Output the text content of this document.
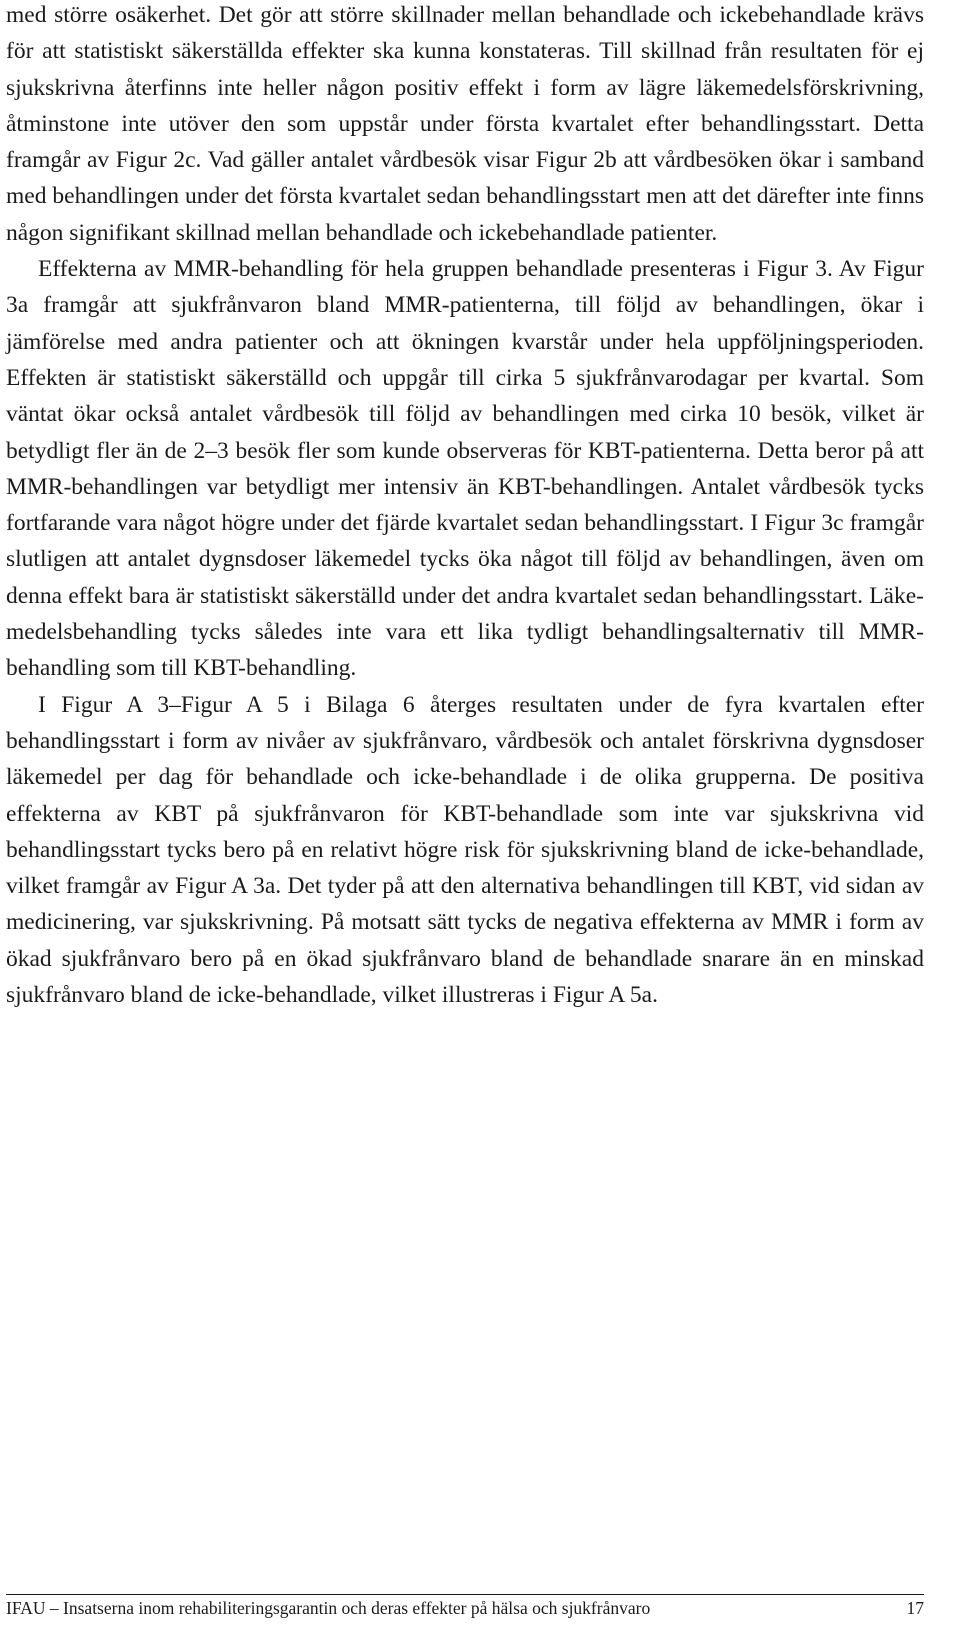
med större osäkerhet. Det gör att större skillnader mellan behandlade och ickebehandlade krävs för att statistiskt säkerställda effekter ska kunna konstateras. Till skillnad från resultaten för ej sjukskrivna återfinns inte heller någon positiv effekt i form av lägre läkemedelsförskrivning, åtminstone inte utöver den som uppstår under första kvartalet efter behandlingsstart. Detta framgår av Figur 2c. Vad gäller antalet vårdbesök visar Figur 2b att vårdbesöken ökar i samband med behandlingen under det första kvartalet sedan behandlingsstart men att det därefter inte finns någon signifikant skillnad mellan behandlade och ickebehandlade patienter.

Effekterna av MMR-behandling för hela gruppen behandlade presenteras i Figur 3. Av Figur 3a framgår att sjukfrånvaron bland MMR-patienterna, till följd av behandlingen, ökar i jämförelse med andra patienter och att ökningen kvarstår under hela uppföljningsperioden. Effekten är statistiskt säkerställd och uppgår till cirka 5 sjukfrånvarodagar per kvartal. Som väntat ökar också antalet vårdbesök till följd av behandlingen med cirka 10 besök, vilket är betydligt fler än de 2–3 besök fler som kunde observeras för KBT-patienterna. Detta beror på att MMR-behandlingen var betydligt mer intensiv än KBT-behandlingen. Antalet vårdbesök tycks fortfarande vara något högre under det fjärde kvartalet sedan behandlingsstart. I Figur 3c framgår slutligen att antalet dygnsdoser läkemedel tycks öka något till följd av behandlingen, även om denna effekt bara är statistiskt säkerställd under det andra kvartalet sedan behandlingsstart. Läkemedelsbehandling tycks således inte vara ett lika tydligt behandlingsalternativ till MMR-behandling som till KBT-behandling.

I Figur A 3–Figur A 5 i Bilaga 6 återges resultaten under de fyra kvartalen efter behandlingsstart i form av nivåer av sjukfrånvaro, vårdbesök och antalet förskrivna dygnsdoser läkemedel per dag för behandlade och icke-behandlade i de olika grupperna. De positiva effekterna av KBT på sjukfrånvaron för KBT-behandlade som inte var sjukskrivna vid behandlingsstart tycks bero på en relativt högre risk för sjukskrivning bland de icke-behandlade, vilket framgår av Figur A 3a. Det tyder på att den alternativa behandlingen till KBT, vid sidan av medicinering, var sjukskrivning. På motsatt sätt tycks de negativa effekterna av MMR i form av ökad sjukfrånvaro bero på en ökad sjukfrånvaro bland de behandlade snarare än en minskad sjukfrånvaro bland de icke-behandlade, vilket illustreras i Figur A 5a.

IFAU – Insatserna inom rehabiliteringsgarantin och deras effekter på hälsa och sjukfrånvaro	17
